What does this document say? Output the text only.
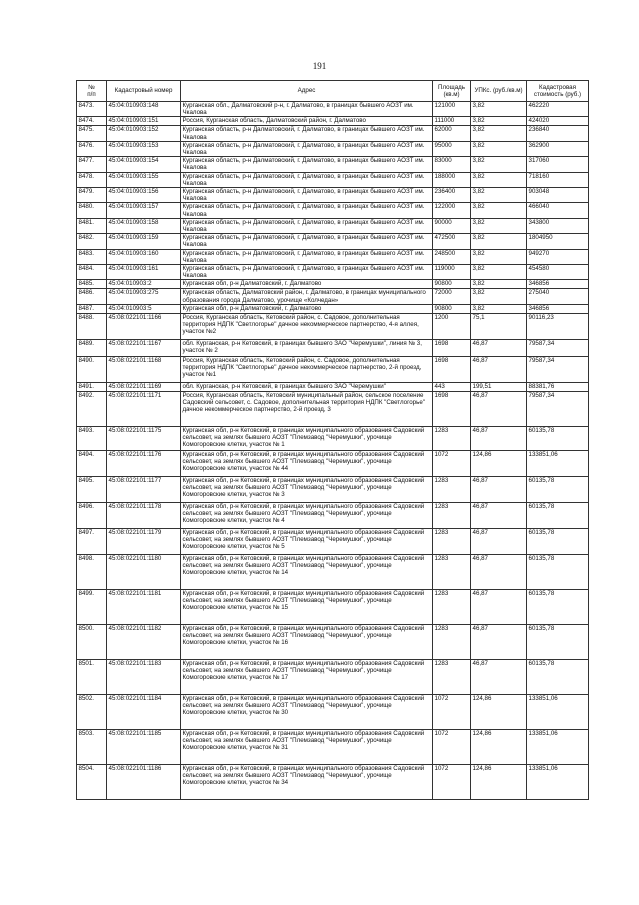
191
№
п/п	Кадастровый номер	Адрес	Площадь (кв.м)	УПКс. (руб./кв.м)	Кадастровая стоимость (руб.)
8473.	45:04:010903:148	Курганская обл., Далматовский р-н, г. Далматово, в границах бывшего АОЗТ им. Чкалова	121000	3,82	462220
8474.	45:04:010903:151	Россия, Курганская область, Далматовский район, г. Далматово	111000	3,82	424020
8475.	45:04:010903:152	Курганская область, р-н Далматовский, г. Далматово, в границах бывшего АОЗТ им. Чкалова	62000	3,82	236840
8476.	45:04:010903:153	Курганская область, р-н Далматовский, г. Далматово, в границах бывшего АОЗТ им. Чкалова	95000	3,82	362900
8477.	45:04:010903:154	Курганская область, р-н Далматовский, г. Далматово, в границах бывшего АОЗТ им. Чкалова	83000	3,82	317060
8478.	45:04:010903:155	Курганская область, р-н Далматовский, г. Далматово, в границах бывшего АОЗТ им. Чкалова	188000	3,82	718160
8479.	45:04:010903:156	Курганская область, р-н Далматовский, г. Далматово, в границах бывшего АОЗТ им. Чкалова	236400	3,82	903048
8480.	45:04:010903:157	Курганская область, р-н Далматовский, г. Далматово, в границах бывшего АОЗТ им. Чкалова	122000	3,82	466040
8481.	45:04:010903:158	Курганская область, р-н Далматовский, г. Далматово, в границах бывшего АОЗТ им. Чкалова	90000	3,82	343800
8482.	45:04:010903:159	Курганская область, р-н Далматовский, г. Далматово, в границах бывшего АОЗТ им. Чкалова	472500	3,82	1804950
8483.	45:04:010903:160	Курганская область, р-н Далматовский, г. Далматово, в границах бывшего АОЗТ им. Чкалова	248500	3,82	949270
8484.	45:04:010903:161	Курганская область, р-н Далматовский, г. Далматово, в границах бывшего АОЗТ им. Чкалова	119000	3,82	454580
8485.	45:04:010903:2	Курганская обл, р-н Далматовский, г. Далматово	90800	3,82	346856
8486.	45:04:010903:275	Курганская область, Далматовский район, г. Далматово, в границах муниципального образования города Далматово, урочище «Колчедан»	72000	3,82	275040
8487.	45:04:010903:5	Курганская обл, р-н Далматовский, г. Далматово	90800	3,82	346856
8488.	45:08:022101:1166	Россия, Курганская область, Кетовский район, с. Садовое, дополнительная территория НДПК "Светлогорье" дачное некоммерческое партнерство, 4-я аллея, участок №2	1200	75,1	90116,23
8489.	45:08:022101:1167	обл. Курганская, р-н Кетовский, в границах бывшего ЗАО "Черемушки", линия № 3, участок № 2	1698	46,87	79587,34
8490.	45:08:022101:1168	Россия, Курганская область, Кетовский район, с. Садовое, дополнительная территория НДПК "Светлогорье" дачное некоммерческое партнерство, 2-й проезд, участок №1	1698	46,87	79587,34
8491.	45:08:022101:1169	обл. Курганская, р-н Кетовский, в границах бывшего ЗАО "Черемушки"	443	199,51	88381,76
8492.	45:08:022101:1171	Россия, Курганская область, Кетовский муниципальный район, сельское поселение Садовский сельсовет, с. Садовое, дополнительная территория НДПК "Светлогорье" дачное некоммерческое партнерство, 2-й проезд, 3	1698	46,87	79587,34
8493.	45:08:022101:1175	Курганская обл, р-н Кетовский, в границах муниципального образования Садовский сельсовет, на землях бывшего АОЗТ "Племзавод "Черемушки", урочище Комогоровские клетки, участок № 1	1283	46,87	60135,78
8494.	45:08:022101:1176	Курганская обл, р-н Кетовский, в границах муниципального образования Садовский сельсовет, на землях бывшего АОЗТ "Племзавод "Черемушки", урочище Комогоровские клетки, участок № 44	1072	124,86	133851,06
8495.	45:08:022101:1177	Курганская обл, р-н Кетовский, в границах муниципального образования Садовский сельсовет, на землях бывшего АОЗТ "Племзавод "Черемушки", урочище Комогоровские клетки, участок № 3	1283	46,87	60135,78
8496.	45:08:022101:1178	Курганская обл, р-н Кетовский, в границах муниципального образования Садовский сельсовет, на землях бывшего АОЗТ "Племзавод "Черемушки", урочище Комогоровские клетки, участок № 4	1283	46,87	60135,78
8497.	45:08:022101:1179	Курганская обл, р-н Кетовский, в границах муниципального образования Садовский сельсовет, на землях бывшего АОЗТ "Племзавод "Черемушки", урочище Комогоровские клетки, участок № 5	1283	46,87	60135,78
8498.	45:08:022101:1180	Курганская обл, р-н Кетовский, в границах муниципального образования Садовский сельсовет, на землях бывшего АОЗТ "Племзавод "Черемушки", урочище Комогоровские клетки, участок № 14	1283	46,87	60135,78
8499.	45:08:022101:1181	Курганская обл, р-н Кетовский, в границах муниципального образования Садовский сельсовет, на землях бывшего АОЗТ "Племзавод "Черемушки", урочище Комогоровские клетки, участок № 15	1283	46,87	60135,78
8500.	45:08:022101:1182	Курганская обл, р-н Кетовский, в границах муниципального образования Садовский сельсовет, на землях бывшего АОЗТ "Племзавод "Черемушки", урочище Комогоровские клетки, участок № 16	1283	46,87	60135,78
8501.	45:08:022101:1183	Курганская обл, р-н Кетовский, в границах муниципального образования Садовский сельсовет, на землях бывшего АОЗТ "Племзавод "Черемушки", урочище Комогоровские клетки, участок № 17	1283	46,87	60135,78
8502.	45:08:022101:1184	Курганская обл, р-н Кетовский, в границах муниципального образования Садовский сельсовет, на землях бывшего АОЗТ "Племзавод "Черемушки", урочище Комогоровские клетки, участок № 30	1072	124,86	133851,06
8503.	45:08:022101:1185	Курганская обл, р-н Кетовский, в границах муниципального образования Садовский сельсовет, на землях бывшего АОЗТ "Племзавод "Черемушки", урочище Комогоровские клетки, участок № 31	1072	124,86	133851,06
8504.	45:08:022101:1186	Курганская обл, р-н Кетовский, в границах муниципального образования Садовский сельсовет, на землях бывшего АОЗТ "Племзавод "Черемушки", урочище Комогоровские клетки, участок № 34	1072	124,86	133851,06
